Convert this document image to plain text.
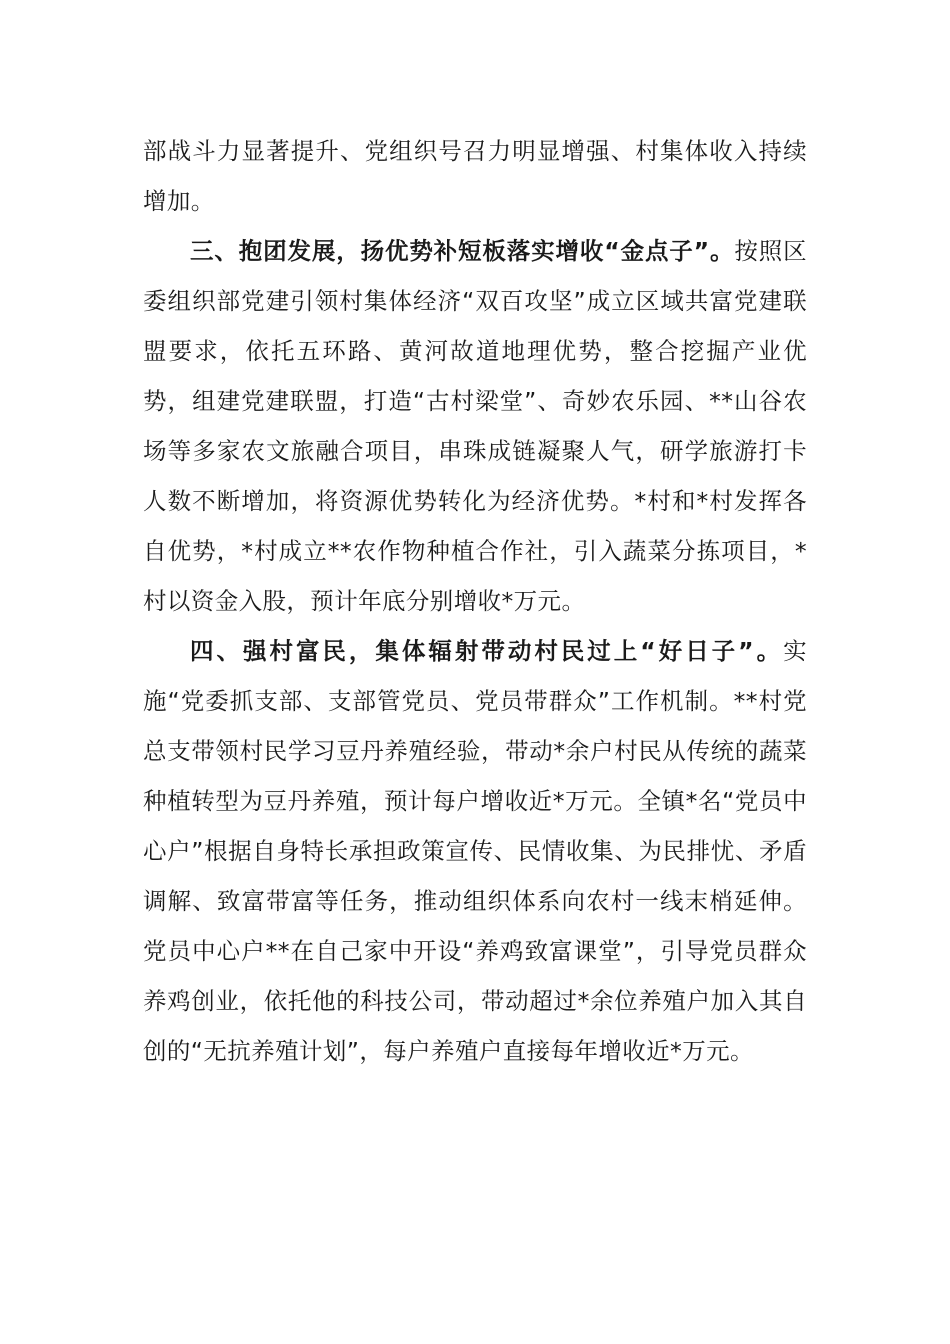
部战斗力显著提升、党组织号召力明显增强、村集体收入持续增加。

三、抱团发展，扬优势补短板落实增收“金点子”。按照区委组织部党建引领村集体经济“双百攻坚”成立区域共富党建联盟要求，依托五环路、黄河故道地理优势，整合挖掘产业优势，组建党建联盟，打造“古村梁堂”、奇妙农乐园、**山谷农场等多家农文旅融合项目，串珠成链凝聚人气，研学旅游打卡人数不断增加，将资源优势转化为经济优势。*村和*村发挥各自优势，*村成立**农作物种植合作社，引入蔬菜分拣项目，*村以资金入股，预计年底分别增收*万元。

四、强村富民，集体辐射带动村民过上“好日子”。实施“党委抓支部、支部管党员、党员带群众”工作机制。**村党总支带领村民学习豆丹养殖经验，带动*余户村民从传统的蔬菜种植转型为豆丹养殖，预计每户增收近*万元。全镇*名“党员中心户”根据自身特长承担政策宣传、民情收集、为民排忧、矛盾调解、致富带富等任务，推动组织体系向农村一线末梢延伸。党员中心户**在自己家中开设“养鸡致富课堂”，引导党员群众养鸡创业，依托他的科技公司，带动超过*余位养殖户加入其自创的“无抗养殖计划”，每户养殖户直接每年增收近*万元。
